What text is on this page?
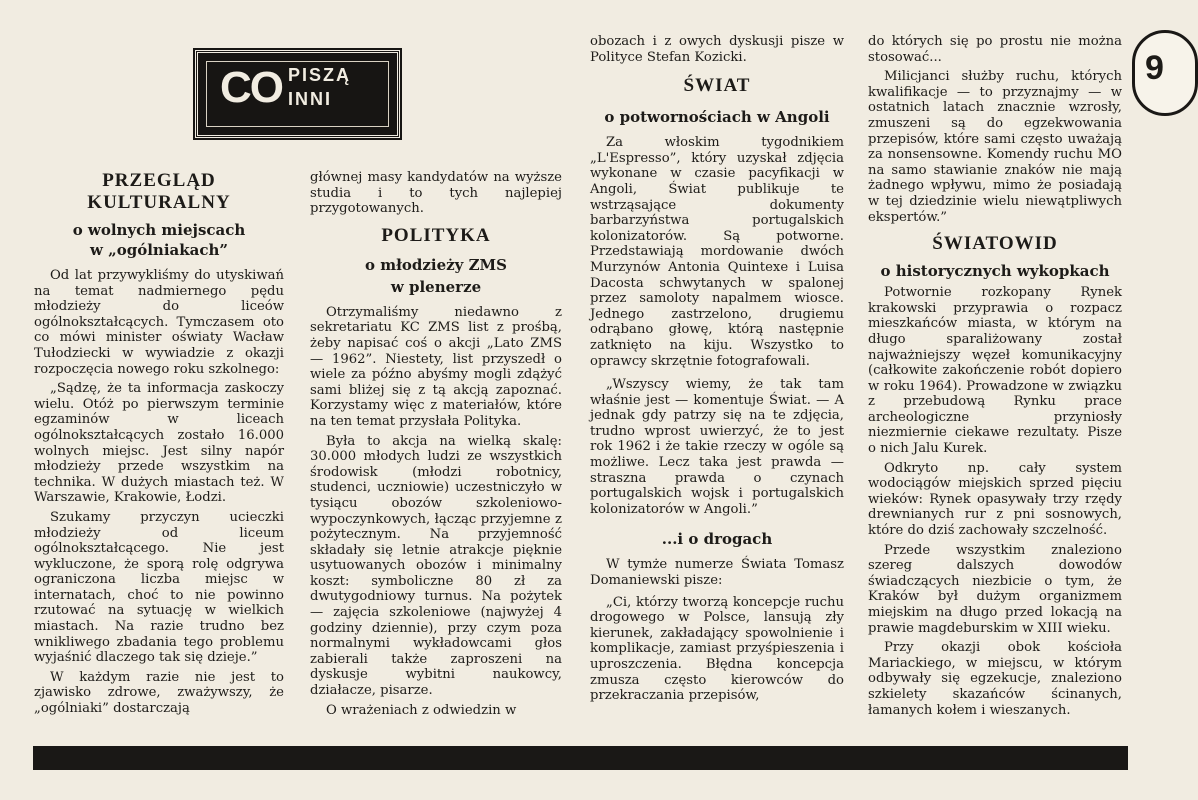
CO PISZĄ
INNI
9
PRZEGLĄD
KULTURALNY
o wolnych miejscach
w „ogólniakach”

Od lat przywykliśmy do utyskiwań na temat nadmiernego pędu młodzieży do liceów ogólnokształcących. Tymczasem oto co mówi minister oświaty Wacław Tułodziecki w wywiadzie z okazji rozpoczęcia nowego roku szkolnego:

„Sądzę, że ta informacja zaskoczy wielu. Otóż po pierwszym terminie egzaminów w liceach ogólnokształcących zostało 16.000 wolnych miejsc. Jest silny napór młodzieży przede wszystkim na technika. W dużych miastach też. W Warszawie, Krakowie, Łodzi.

Szukamy przyczyn ucieczki młodzieży od liceum ogólnokształcącego. Nie jest wykluczone, że sporą rolę odgrywa ograniczona liczba miejsc w internatach, choć to nie powinno rzutować na sytuację w wielkich miastach. Na razie trudno bez wnikliwego zbadania tego problemu wyjaśnić dlaczego tak się dzieje.”

W każdym razie nie jest to zjawisko zdrowe, zważywszy, że „ogólniaki” dostarczają

głównej masy kandydatów na wyższe studia i to tych najlepiej przygotowanych.

POLITYKA
o młodzieży ZMS
w plenerze

Otrzymaliśmy niedawno z sekretariatu KC ZMS list z prośbą, żeby napisać coś o akcji „Lato ZMS — 1962”. Niestety, list przyszedł o wiele za późno abyśmy mogli zdążyć sami bliżej się z tą akcją zapoznać. Korzystamy więc z materiałów, które na ten temat przysłała Polityka.

Była to akcja na wielką skalę: 30.000 młodych ludzi ze wszystkich środowisk (młodzi robotnicy, studenci, uczniowie) uczestniczyło w tysiącu obozów szkoleniowo-wypoczynkowych, łącząc przyjemne z pożytecznym. Na przyjemność składały się letnie atrakcje pięknie usytuowanych obozów i minimalny koszt: symboliczne 80 zł za dwutygodniowy turnus. Na pożytek — zajęcia szkoleniowe (najwyżej 4 godziny dziennie), przy czym poza normalnymi wykładowcami głos zabierali także zaproszeni na dyskusje wybitni naukowcy, działacze, pisarze.

O wrażeniach z odwiedzin w

obozach i z owych dyskusji pisze w Polityce Stefan Kozicki.

ŚWIAT
o potwornościach w Angoli

Za włoskim tygodnikiem „L'Espresso”, który uzyskał zdjęcia wykonane w czasie pacyfikacji w Angoli, Świat publikuje te wstrząsające dokumenty barbarzyństwa portugalskich kolonizatorów. Są potworne. Przedstawiają mordowanie dwóch Murzynów Antonia Quintexe i Luisa Dacosta schwytanych w spalonej przez samoloty napalmem wiosce. Jednego zastrzelono, drugiemu odrąbano głowę, którą następnie zatknięto na kiju. Wszystko to oprawcy skrzętnie fotografowali.

„Wszyscy wiemy, że tak tam właśnie jest — komentuje Świat. — A jednak gdy patrzy się na te zdjęcia, trudno wprost uwierzyć, że to jest rok 1962 i że takie rzeczy w ogóle są możliwe. Lecz taka jest prawda — straszna prawda o czynach portugalskich wojsk i portugalskich kolonizatorów w Angoli.”

...i o drogach

W tymże numerze Świata Tomasz Domaniewski pisze:

„Ci, którzy tworzą koncepcje ruchu drogowego w Polsce, lansują zły kierunek, zakładający spowolnienie i komplikacje, zamiast przyśpieszenia i uproszczenia. Błędna koncepcja zmusza często kierowców do przekraczania przepisów,

do których się po prostu nie można stosować...

Milicjanci służby ruchu, których kwalifikacje — to przyznajmy — w ostatnich latach znacznie wzrosły, zmuszeni są do egzekwowania przepisów, które sami często uważają za nonsensowne. Komendy ruchu MO na samo stawianie znaków nie mają żadnego wpływu, mimo że posiadają w tej dziedzinie wielu niewątpliwych ekspertów.”

ŚWIATOWID
o historycznych wykopkach

Potwornie rozkopany Rynek krakowski przyprawia o rozpacz mieszkańców miasta, w którym na długo sparaliżowany został najważniejszy węzeł komunikacyjny (całkowite zakończenie robót dopiero w roku 1964). Prowadzone w związku z przebudową Rynku prace archeologiczne przyniosły niezmiernie ciekawe rezultaty. Pisze o nich Jalu Kurek.

Odkryto np. cały system wodociągów miejskich sprzed pięciu wieków: Rynek opasywały trzy rzędy drewnianych rur z pni sosnowych, które do dziś zachowały szczelność.

Przede wszystkim znaleziono szereg dalszych dowodów świadczących niezbicie o tym, że Kraków był dużym organizmem miejskim na długo przed lokacją na prawie magdeburskim w XIII wieku.

Przy okazji obok kościoła Mariackiego, w miejscu, w którym odbywały się egzekucje, znaleziono szkielety skazańców ścinanych, łamanych kołem i wieszanych.
